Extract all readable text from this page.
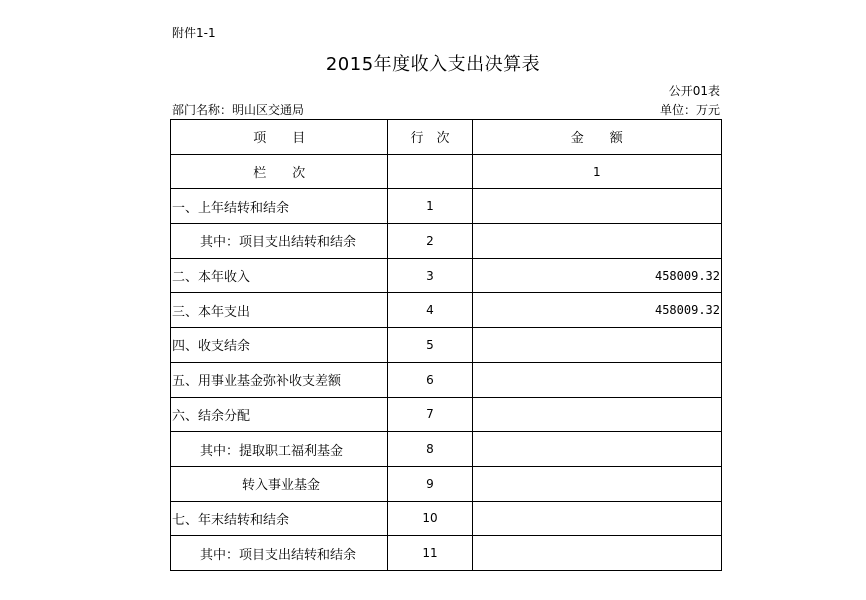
附件1-1
2015年度收入支出决算表
公开01表
部门名称：明山区交通局	单位：万元
项　　目	行　次	金　　额
栏　　次		1
一、上年结转和结余	1	
其中：项目支出结转和结余	2	
二、本年收入	3	458009.32
三、本年支出	4	458009.32
四、收支结余	5	
五、用事业基金弥补收支差额	6	
六、结余分配	7	
其中：提取职工福利基金	8	
转入事业基金	9	
七、年末结转和结余	10	
其中：项目支出结转和结余	11	
